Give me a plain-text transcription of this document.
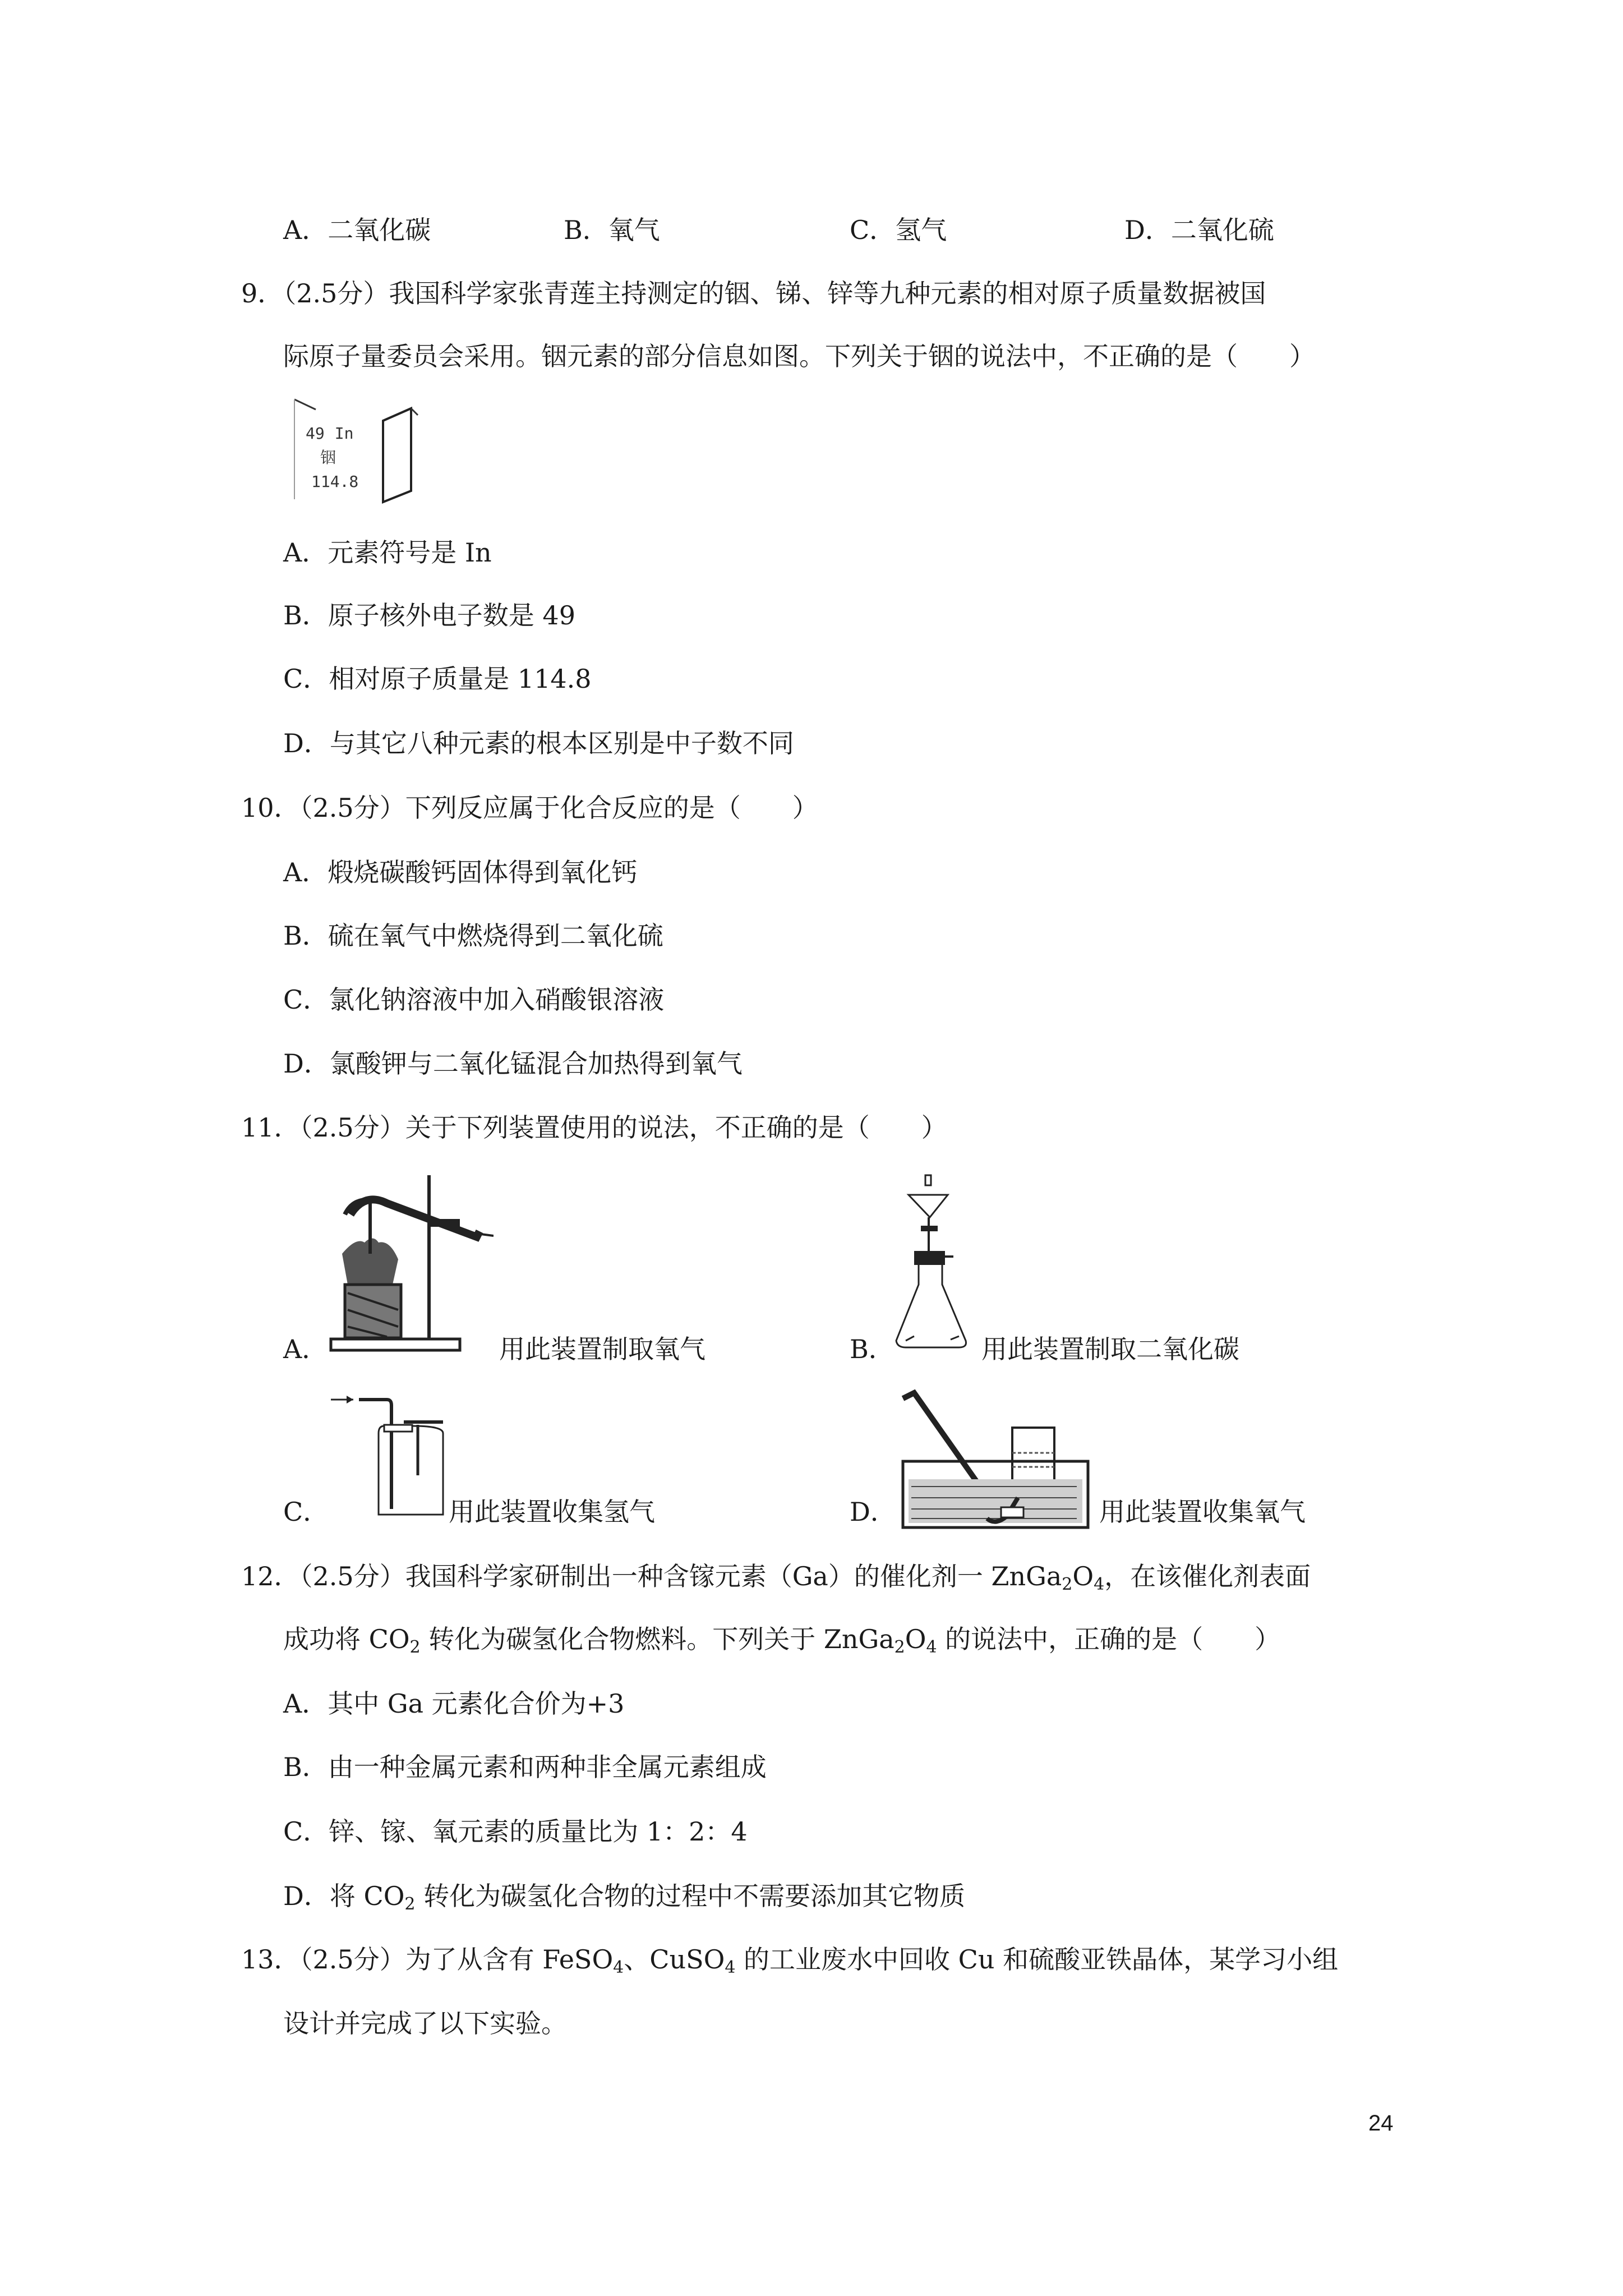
A．二氧化碳	B．氧气	C．氢气	D．二氧化硫
9．（2.5分）我国科学家张青莲主持测定的铟、锑、锌等九种元素的相对原子质量数据被国
际原子量委员会采用。铟元素的部分信息如图。下列关于铟的说法中，不正确的是（　　）
49 In
铟
114.8
A．元素符号是 In
B．原子核外电子数是 49
C．相对原子质量是 114.8
D．与其它八种元素的根本区别是中子数不同
10．（2.5分）下列反应属于化合反应的是（　　）
A．煅烧碳酸钙固体得到氧化钙
B．硫在氧气中燃烧得到二氧化硫
C．氯化钠溶液中加入硝酸银溶液
D．氯酸钾与二氧化锰混合加热得到氧气
11．（2.5分）关于下列装置使用的说法，不正确的是（　　）
A．	用此装置制取氧气	B．	用此装置制取二氧化碳
C．	用此装置收集氢气	D．	用此装置收集氧气
12．（2.5分）我国科学家研制出一种含镓元素（Ga）的催化剂一 $ZnGa_2O_4$，在该催化剂表面
成功将 $CO_2$ 转化为碳氢化合物燃料。下列关于 $ZnGa_2O_4$ 的说法中，正确的是（　　）
A．其中 Ga 元素化合价为+3
B．由一种金属元素和两种非全属元素组成
C．锌、镓、氧元素的质量比为 1：2：4
D．将 $CO_2$ 转化为碳氢化合物的过程中不需要添加其它物质
13．（2.5分）为了从含有 FeSO$_4$、CuSO$_4$ 的工业废水中回收 Cu 和硫酸亚铁晶体，某学习小组
设计并完成了以下实验。
24
